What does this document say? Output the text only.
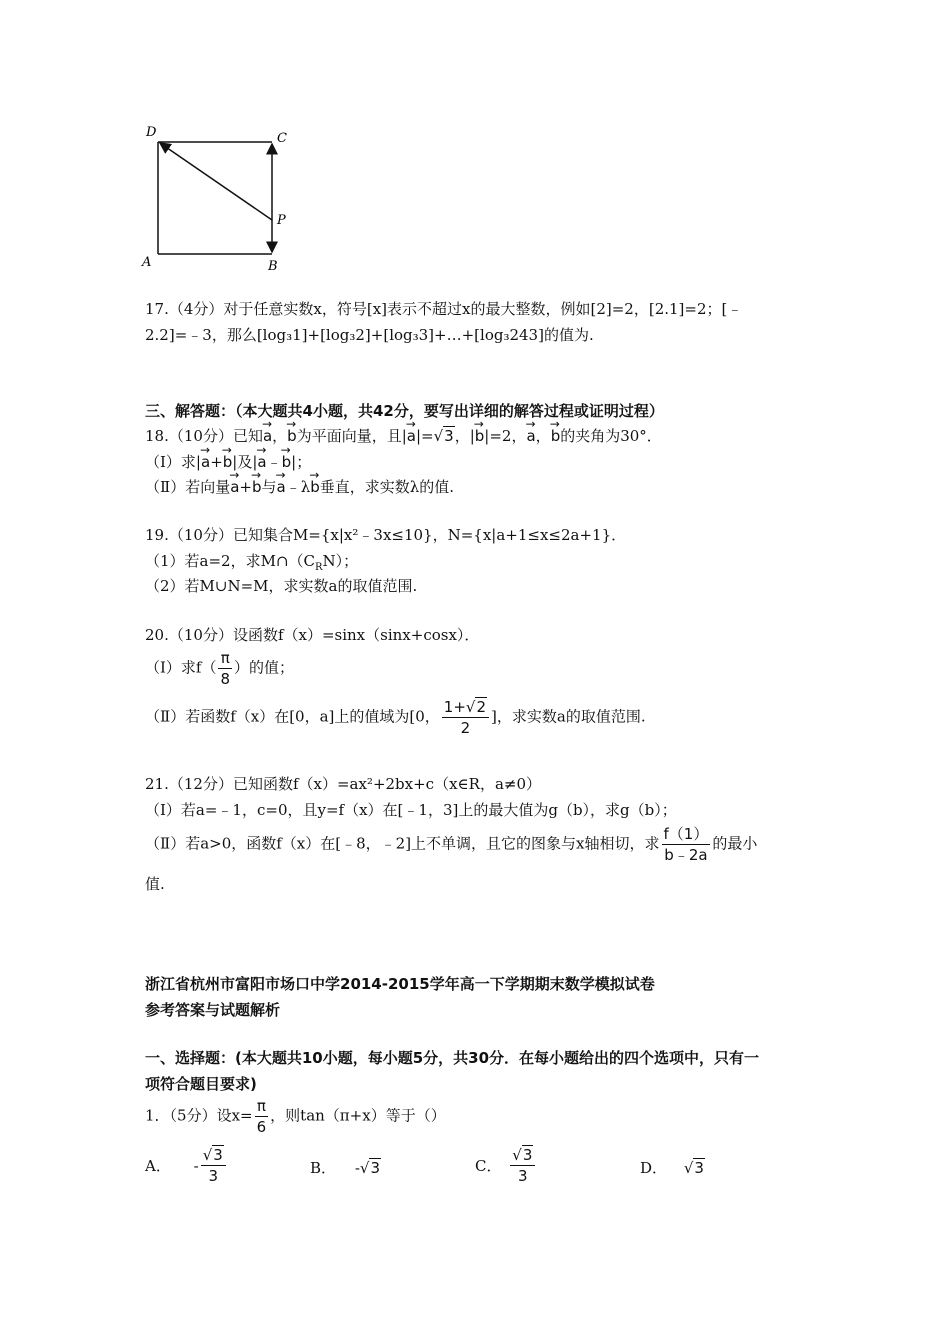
D	C
A	B
P
17.（4分）对于任意实数x，符号[x]表示不超过x的最大整数，例如[2]=2，[2.1]=2；[﹣
2.2]=﹣3，那么[log₃1]+[log₃2]+[log₃3]+…+[log₃243]的值为.
三、解答题：（本大题共4小题，共42分，要写出详细的解答过程或证明过程）
18.（10分）已知→ a，→ b为平面向量，且|→ a|=√3，|→ b|=2，→ a，→ b的夹角为30°．
（Ⅰ）求|→ a+→ b|及|→ a﹣→ b|；
（Ⅱ）若向量→ a+→ b与→ a﹣λ→ b垂直，求实数λ的值.
19.（10分）已知集合M={x|x²﹣3x≤10}，N={x|a+1≤x≤2a+1}．
（1）若a=2，求$M\cap(C_RN)$；
（2）若M∪N=M，求实数a的取值范围.
20.（10分）设函数f（x）=sinx（sinx+cosx）．
（Ⅰ）求$f( \frac{\pi}{8}$ ）的值；
（Ⅱ）若函数f（x）在[0，a]上的值域为[0， $\frac{1+√2}{2}$ ]，求实数a的取值范围.
21.（12分）已知函数f（x）=ax²+2bx+c（x∈R，a≠0）
（Ⅰ）若a=﹣1，c=0，且y=f（x）在[﹣1，3]上的最大值为g（b），求g（b）；
（Ⅱ）若a>0，函数f（x）在[﹣8，﹣2]上不单调，且它的图象与x轴相切，求 $\frac{f(1)}{b﹣2a}$ 的最小
值.
浙江省杭州市富阳市场口中学2014-2015学年高一下学期期末数学模拟试卷
参考答案与试题解析
一、选择题：(本大题共10小题，每小题5分，共30分．在每小题给出的四个选项中，只有一
项符合题目要求)
1．（5分）设$x= \frac{\pi}{6}$ ，则tan（π+x）等于（）
A． - $\frac{√3}{3}$	B． -√3	C． $\frac{√3}{3}$	D． √3
